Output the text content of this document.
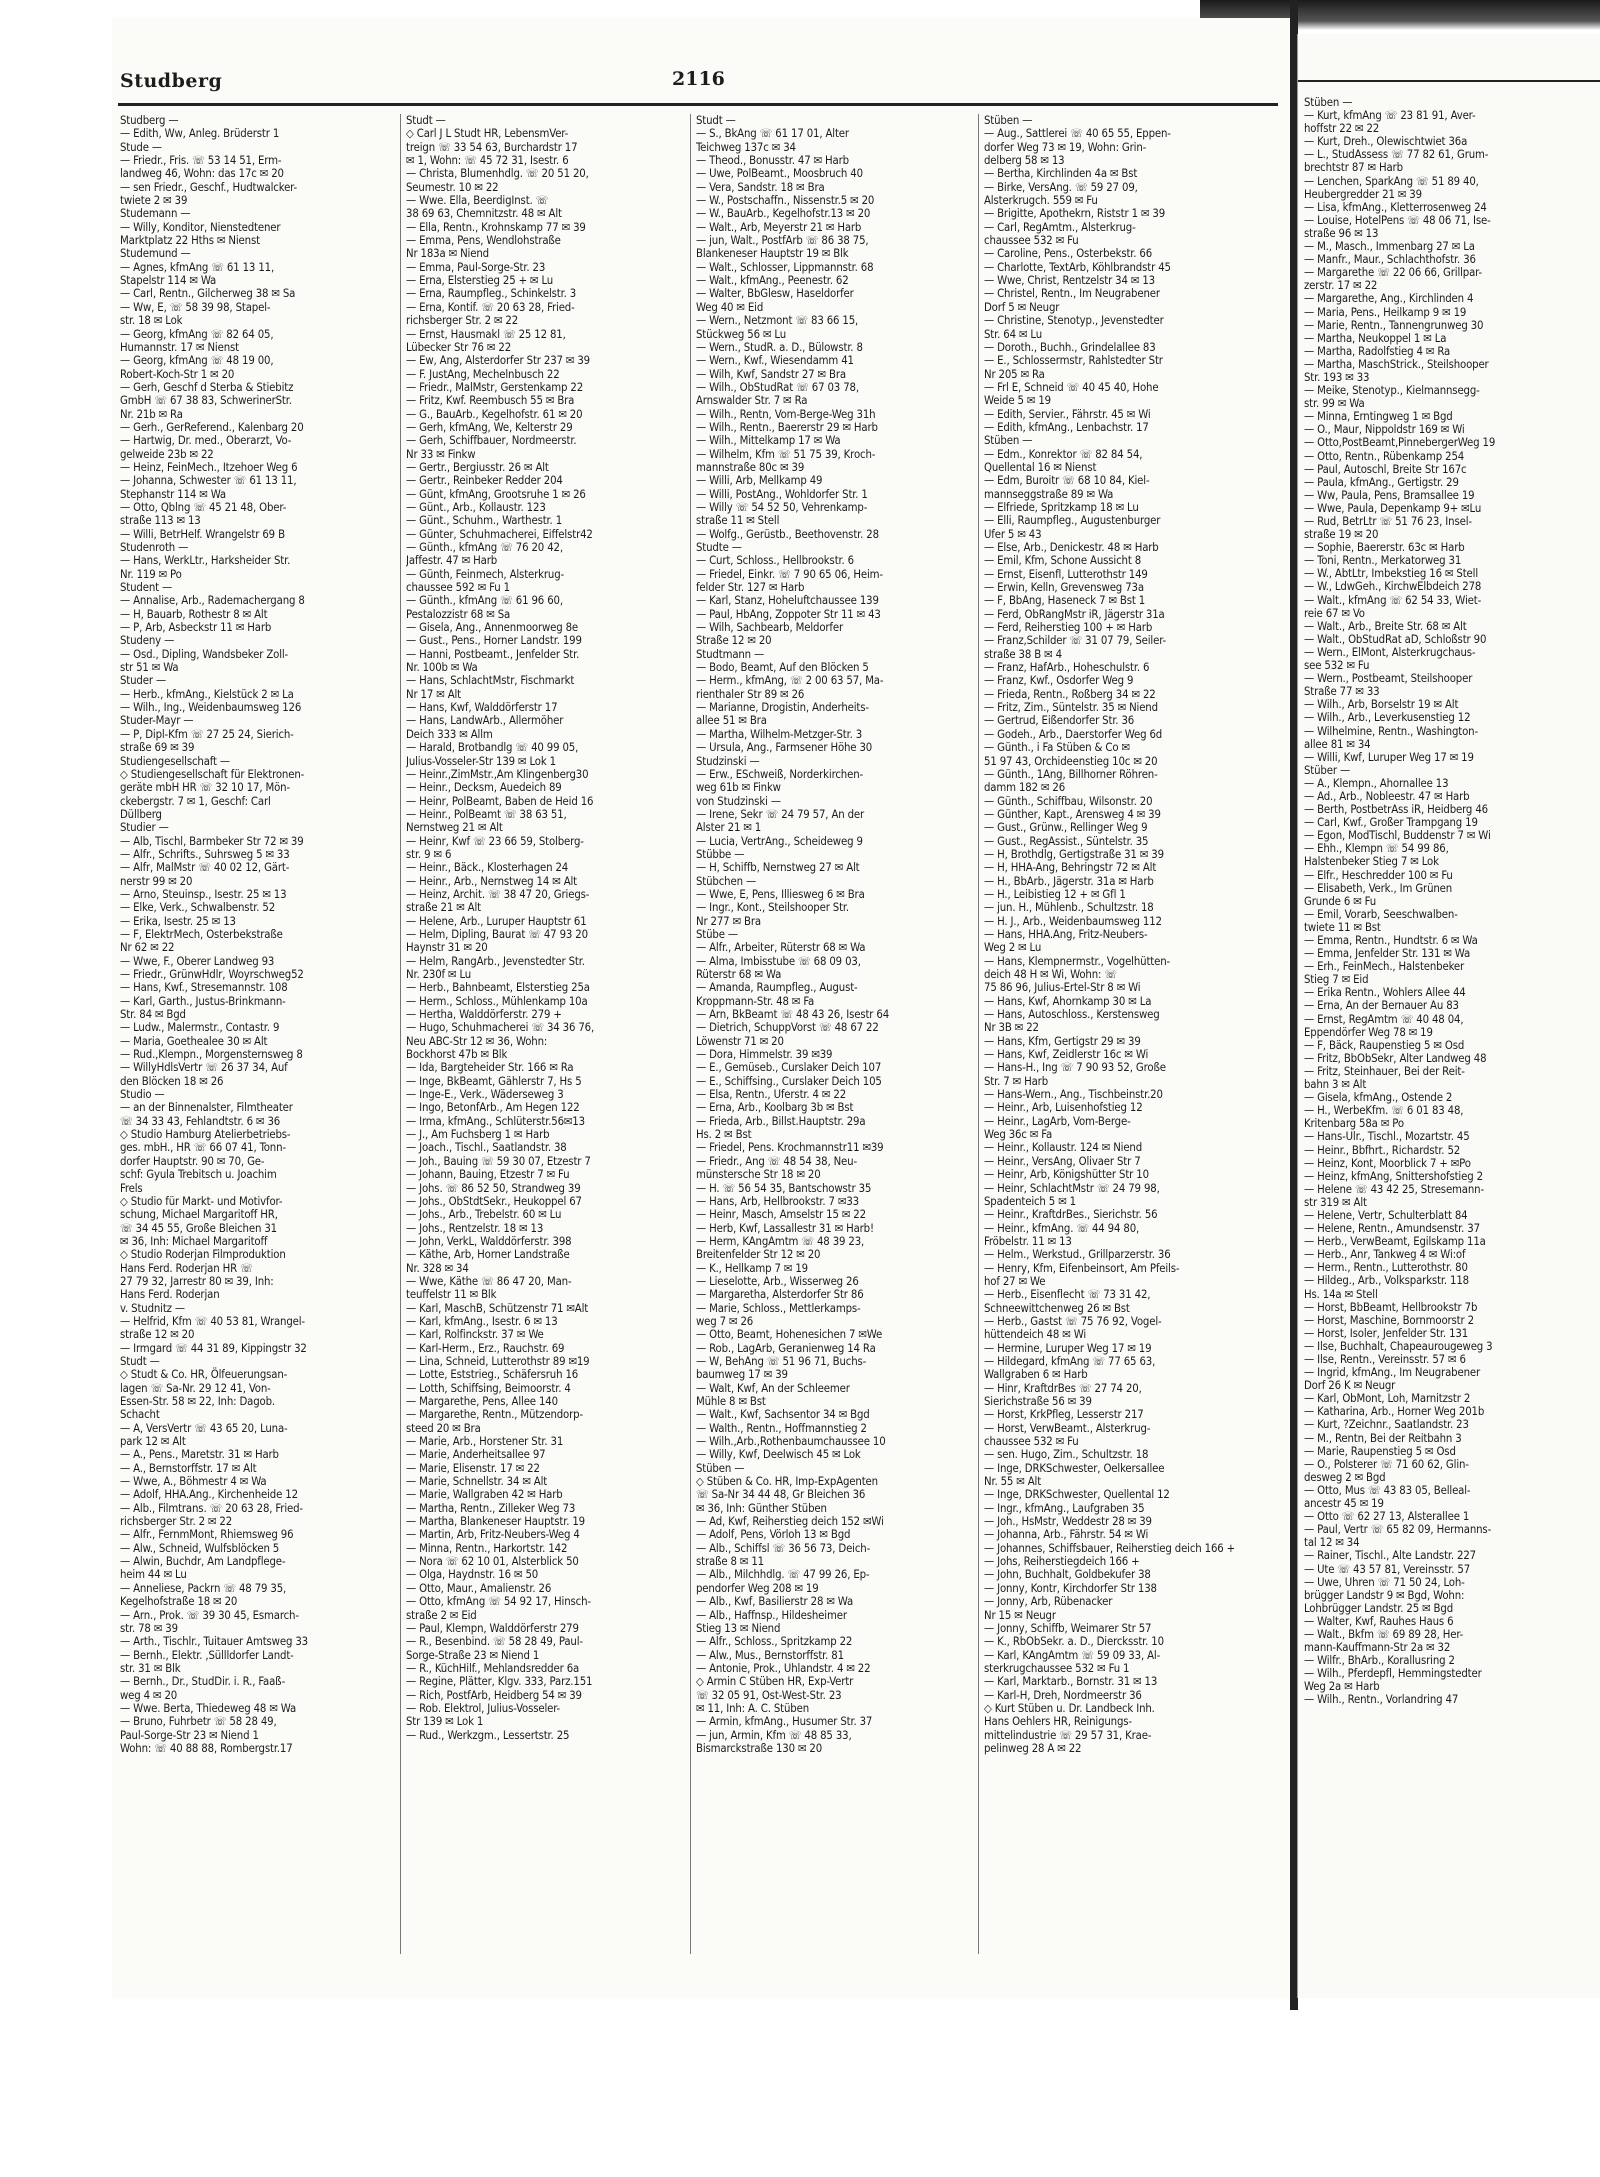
Studberg	2116
Studberg —
— Edith, Ww, Anleg. Brüderstr 1
Stude —
— Friedr., Fris. ☏ 53 14 51, Erm-
landweg 46, Wohn: das 17c ✉ 20
— sen Friedr., Geschf., Hudtwalcker-
twiete 2 ✉ 39
Studemann —
— Willy, Konditor, Nienstedtener
Marktplatz 22 Hths ✉ Nienst
Studemund —
— Agnes, kfmAng ☏ 61 13 11,
Stapelstr 114 ✉ Wa
— Carl, Rentn., Gilcherweg 38 ✉ Sa
— Ww, E, ☏ 58 39 98, Stapel-
str. 18 ✉ Lok
— Georg, kfmAng ☏ 82 64 05,
Humannstr. 17 ✉ Nienst
— Georg, kfmAng ☏ 48 19 00,
Robert-Koch-Str 1 ✉ 20
— Gerh, Geschf d Sterba & Stiebitz
GmbH ☏ 67 38 83, SchwerinerStr.
Nr. 21b ✉ Ra
— Gerh., GerReferend., Kalenbarg 20
— Hartwig, Dr. med., Oberarzt, Vo-
gelweide 23b ✉ 22
— Heinz, FeinMech., Itzehoer Weg 6
— Johanna, Schwester ☏ 61 13 11,
Stephanstr 114 ✉ Wa
— Otto, Qblng ☏ 45 21 48, Ober-
straße 113 ✉ 13
— Willi, BetrHelf. Wrangelstr 69 B
Studenroth —
— Hans, WerkLtr., Harksheider Str.
Nr. 119 ✉ Po
Student —
— Annalise, Arb., Rademachergang 8
— H, Bauarb, Rothestr 8 ✉ Alt
— P, Arb, Asbeckstr 11 ✉ Harb
Studeny —
— Osd., Dipling, Wandsbeker Zoll-
str 51 ✉ Wa
Studer —
— Herb., kfmAng., Kielstück 2 ✉ La
— Wilh., Ing., Weidenbaumsweg 126
Studer-Mayr —
— P, Dipl-Kfm ☏ 27 25 24, Sierich-
straße 69 ✉ 39
Studiengesellschaft —
◇ Studiengesellschaft für Elektronen-
geräte mbH HR ☏ 32 10 17, Mön-
ckebergstr. 7 ✉ 1, Geschf: Carl
Düllberg
Studier —
— Alb, Tischl, Barmbeker Str 72 ✉ 39
— Alfr., Schrifts., Suhrsweg 5 ✉ 33
— Alfr, MalMstr ☏ 40 02 12, Gärt-
nerstr 99 ✉ 20
— Arno, Steuinsp., Isestr. 25 ✉ 13
— Elke, Verk., Schwalbenstr. 52
— Erika, Isestr. 25 ✉ 13
— F, ElektrMech, Osterbekstraße
Nr 62 ✉ 22
— Wwe, F., Oberer Landweg 93
— Friedr., GrünwHdlr, Woyrschweg52
— Hans, Kwf., Stresemannstr. 108
— Karl, Garth., Justus-Brinkmann-
Str. 84 ✉ Bgd
— Ludw., Malermstr., Contastr. 9
— Maria, Goethealee 30 ✉ Alt
— Rud.,Klempn., Morgensternsweg 8
— WillyHdlsVertr ☏ 26 37 34, Auf
den Blöcken 18 ✉ 26
Studio —
— an der Binnenalster, Filmtheater
☏ 34 33 43, Fehlandtstr. 6 ✉ 36
◇ Studio Hamburg Atelierbetriebs-
ges. mbH., HR ☏ 66 07 41, Tonn-
dorfer Hauptstr. 90 ✉ 70, Ge-
schf: Gyula Trebitsch u. Joachim
Frels
◇ Studio für Markt- und Motivfor-
schung, Michael Margaritoff HR,
☏ 34 45 55, Große Bleichen 31
✉ 36, Inh: Michael Margaritoff
◇ Studio Roderjan Filmproduktion
Hans Ferd. Roderjan HR ☏
27 79 32, Jarrestr 80 ✉ 39, Inh:
Hans Ferd. Roderjan
v. Studnitz —
— Helfrid, Kfm ☏ 40 53 81, Wrangel-
straße 12 ✉ 20
— Irmgard ☏ 44 31 89, Kippingstr 32
Studt —
◇ Studt & Co. HR, Ölfeuerungsan-
lagen ☏ Sa-Nr. 29 12 41, Von-
Essen-Str. 58 ✉ 22, Inh: Dagob.
Schacht
— A, VersVertr ☏ 43 65 20, Luna-
park 12 ✉ Alt
— A., Pens., Maretstr. 31 ✉ Harb
— A., Bernstorffstr. 17 ✉ Alt
— Wwe, A., Böhmestr 4 ✉ Wa
— Adolf, HHA.Ang., Kirchenheide 12
— Alb., Filmtrans. ☏ 20 63 28, Fried-
richsberger Str. 2 ✉ 22
— Alfr., FernmMont, Rhiemsweg 96
— Alw., Schneid, Wulfsblöcken 5
— Alwin, Buchdr, Am Landpflege-
heim 44 ✉ Lu
— Anneliese, Packrn ☏ 48 79 35,
Kegelhofstraße 18 ✉ 20
— Arn., Prok. ☏ 39 30 45, Esmarch-
str. 78 ✉ 39
— Arth., Tischlr., Tuitauer Amtsweg 33
— Bernh., Elektr. ,Süllldorfer Landt-
str. 31 ✉ Blk
— Bernh., Dr., StudDir. i. R., Faaß-
weg 4 ✉ 20
— Wwe. Berta, Thiedeweg 48 ✉ Wa
— Bruno, Fuhrbetr ☏ 58 28 49,
Paul-Sorge-Str 23 ✉ Niend 1
Wohn: ☏ 40 88 88, Rombergstr.17
Studt —
◇ Carl J L Studt HR, LebensmVer-
treign ☏ 33 54 63, Burchardstr 17
✉ 1, Wohn: ☏ 45 72 31, Isestr. 6
— Christa, Blumenhdlg. ☏ 20 51 20,
Seumestr. 10 ✉ 22
— Wwe. Ella, BeerdigInst. ☏
38 69 63, Chemnitzstr. 48 ✉ Alt
— Ella, Rentn., Krohnskamp 77 ✉ 39
— Emma, Pens, Wendlohstraße
Nr 183a ✉ Niend
— Emma, Paul-Sorge-Str. 23
— Erna, Elsterstieg 25 + ✉ Lu
— Erna, Raumpfleg., Schinkelstr. 3
— Erna, Kontif. ☏ 20 63 28, Fried-
richsberger Str. 2 ✉ 22
— Ernst, Hausmakl ☏ 25 12 81,
Lübecker Str 76 ✉ 22
— Ew, Ang, Alsterdorfer Str 237 ✉ 39
— F. JustAng, Mechelnbusch 22
— Friedr., MalMstr, Gerstenkamp 22
— Fritz, Kwf. Reembusch 55 ✉ Bra
— G., BauArb., Kegelhofstr. 61 ✉ 20
— Gerh, kfmAng, We, Kelterstr 29
— Gerh, Schiffbauer, Nordmeerstr.
Nr 33 ✉ Finkw
— Gertr., Bergiusstr. 26 ✉ Alt
— Gertr., Reinbeker Redder 204
— Günt, kfmAng, Grootsruhe 1 ✉ 26
— Günt., Arb., Kollaustr. 123
— Günt., Schuhm., Warthestr. 1
— Günter, Schuhmacherei, Eiffelstr42
— Günth., kfmAng ☏ 76 20 42,
Jaffestr. 47 ✉ Harb
— Günth, Feinmech, Alsterkrug-
chaussee 592 ✉ Fu 1
— Günth., kfmAng ☏ 61 96 60,
Pestalozzistr 68 ✉ Sa
— Gisela, Ang., Annenmoorweg 8e
— Gust., Pens., Horner Landstr. 199
— Hanni, Postbeamt., Jenfelder Str.
Nr. 100b ✉ Wa
— Hans, SchlachtMstr, Fischmarkt
Nr 17 ✉ Alt
— Hans, Kwf, Walddörferstr 17
— Hans, LandwArb., Allermöher
Deich 333 ✉ Allm
— Harald, Brotbandlg ☏ 40 99 05,
Julius-Vosseler-Str 139 ✉ Lok 1
— Heinr.,ZimMstr.,Am Klingenberg30
— Heinr., Decksm, Auedeich 89
— Heinr, PolBeamt, Baben de Heid 16
— Heinr., PolBeamt ☏ 38 63 51,
Nernstweg 21 ✉ Alt
— Heinr, Kwf ☏ 23 66 59, Stolberg-
str. 9 ✉ 6
— Heinr., Bäck., Klosterhagen 24
— Heinr., Arb., Nernstweg 14 ✉ Alt
— Heinz, Archit. ☏ 38 47 20, Griegs-
straße 21 ✉ Alt
— Helene, Arb., Luruper Hauptstr 61
— Helm, Dipling, Baurat ☏ 47 93 20
Haynstr 31 ✉ 20
— Helm, RangArb., Jevenstedter Str.
Nr. 230f ✉ Lu
— Herb., Bahnbeamt, Elsterstieg 25a
— Herm., Schloss., Mühlenkamp 10a
— Hertha, Walddörferstr. 279 +
— Hugo, Schuhmacherei ☏ 34 36 76,
Neu ABC-Str 12 ✉ 36, Wohn:
Bockhorst 47b ✉ Blk
— Ida, Bargteheider Str. 166 ✉ Ra
— Inge, BkBeamt, Gählerstr 7, Hs 5
— Inge-E., Verk., Wäderseweg 3
— Ingo, BetonfArb., Am Hegen 122
— Irma, kfmAng., Schlüterstr.56✉13
— J., Am Fuchsberg 1 ✉ Harb
— Joach., Tischl., Saatlandstr. 38
— Joh., Bauing ☏ 59 30 07, Etzestr 7
— Johann, Bauing, Etzestr 7 ✉ Fu
— Johs. ☏ 86 52 50, Strandweg 39
— Johs., ObStdtSekr., Heukoppel 67
— Johs., Arb., Trebelstr. 60 ✉ Lu
— Johs., Rentzelstr. 18 ✉ 13
— John, VerkL, Walddörferstr. 398
— Käthe, Arb, Horner Landstraße
Nr. 328 ✉ 34
— Wwe, Käthe ☏ 86 47 20, Man-
teuffelstr 11 ✉ Blk
— Karl, MaschB, Schützenstr 71 ✉Alt
— Karl, kfmAng., Isestr. 6 ✉ 13
— Karl, Rolfinckstr. 37 ✉ We
— Karl-Herm., Erz., Rauchstr. 69
— Lina, Schneid, Lutterothstr 89 ✉19
— Lotte, Eststrieg., Schäfersruh 16
— Lotth, Schiffsing, Beimoorstr. 4
— Margarethe, Pens, Allee 140
— Margarethe, Rentn., Mützendorp-
steed 20 ✉ Bra
— Marie, Arb., Horstener Str. 31
— Marie, Anderheitsallee 97
— Marie, Elisenstr. 17 ✉ 22
— Marie, Schnellstr. 34 ✉ Alt
— Marie, Wallgraben 42 ✉ Harb
— Martha, Rentn., Zilleker Weg 73
— Martha, Blankeneser Hauptstr. 19
— Martin, Arb, Fritz-Neubers-Weg 4
— Minna, Rentn., Harkortstr. 142
— Nora ☏ 62 10 01, Alsterblick 50
— Olga, Haydnstr. 16 ✉ 50
— Otto, Maur., Amalienstr. 26
— Otto, kfmAng ☏ 54 92 17, Hinsch-
straße 2 ✉ Eid
— Paul, Klempn, Walddörferstr 279
— R., Besenbind. ☏ 58 28 49, Paul-
Sorge-Straße 23 ✉ Niend 1
— R., KüchHilf., Mehlandsredder 6a
— Regine, Plätter, Klgv. 333, Parz.151
— Rich, PostfArb, Heidberg 54 ✉ 39
— Rob. Elektrol, Julius-Vosseler-
Str 139 ✉ Lok 1
— Rud., Werkzgm., Lessertstr. 25
Studt —
— S., BkAng ☏ 61 17 01, Alter
Teichweg 137c ✉ 34
— Theod., Bonusstr. 47 ✉ Harb
— Uwe, PolBeamt., Moosbruch 40
— Vera, Sandstr. 18 ✉ Bra
— W., Postschaffn., Nissenstr.5 ✉ 20
— W., BauArb., Kegelhofstr.13 ✉ 20
— Walt., Arb, Meyerstr 21 ✉ Harb
— jun, Walt., PostfArb ☏ 86 38 75,
Blankeneser Hauptstr 19 ✉ Blk
— Walt., Schlosser, Lippmannstr. 68
— Walt., kfmAng., Peenestr. 62
— Walter, BbGlesw, Haseldorfer
Weg 40 ✉ Eid
— Wern., Netzmont ☏ 83 66 15,
Stückweg 56 ✉ Lu
— Wern., StudR. a. D., Bülowstr. 8
— Wern., Kwf., Wiesendamm 41
— Wilh, Kwf, Sandstr 27 ✉ Bra
— Wilh., ObStudRat ☏ 67 03 78,
Arnswalder Str. 7 ✉ Ra
— Wilh., Rentn, Vom-Berge-Weg 31h
— Wilh., Rentn., Baererstr 29 ✉ Harb
— Wilh., Mittelkamp 17 ✉ Wa
— Wilhelm, Kfm ☏ 51 75 39, Kroch-
mannstraße 80c ✉ 39
— Willi, Arb, Mellkamp 49
— Willi, PostAng., Wohldorfer Str. 1
— Willy ☏ 54 52 50, Vehrenkamp-
straße 11 ✉ Stell
— Wolfg., Gerüstb., Beethovenstr. 28
Studte —
— Curt, Schloss., Hellbrookstr. 6
— Friedel, Einkr. ☏ 7 90 65 06, Heim-
felder Str. 127 ✉ Harb
— Karl, Stanz, Hoheluftchaussee 139
— Paul, HbAng, Zoppoter Str 11 ✉ 43
— Wilh, Sachbearb, Meldorfer
Straße 12 ✉ 20
Studtmann —
— Bodo, Beamt, Auf den Blöcken 5
— Herm., kfmAng, ☏ 2 00 63 57, Ma-
rienthaler Str 89 ✉ 26
— Marianne, Drogistin, Anderheits-
allee 51 ✉ Bra
— Martha, Wilhelm-Metzger-Str. 3
— Ursula, Ang., Farmsener Höhe 30
Studzinski —
— Erw., ESchweiß, Norderkirchen-
weg 61b ✉ Finkw
von Studzinski —
— Irene, Sekr ☏ 24 79 57, An der
Alster 21 ✉ 1
— Lucia, VertrAng., Scheideweg 9
Stübbe —
— H, Schiffb, Nernstweg 27 ✉ Alt
Stübchen —
— Wwe, E, Pens, Illiesweg 6 ✉ Bra
— Ingr., Kont., Steilshooper Str.
Nr 277 ✉ Bra
Stübe —
— Alfr., Arbeiter, Rüterstr 68 ✉ Wa
— Alma, Imbisstube ☏ 68 09 03,
Rüterstr 68 ✉ Wa
— Amanda, Raumpfleg., August-
Kroppmann-Str. 48 ✉ Fa
— Arn, BkBeamt ☏ 48 43 26, Isestr 64
— Dietrich, SchuppVorst ☏ 48 67 22
Löwenstr 71 ✉ 20
— Dora, Himmelstr. 39 ✉39
— E., Gemüseb., Curslaker Deich 107
— E., Schiffsing., Curslaker Deich 105
— Elsa, Rentn., Uferstr. 4 ✉ 22
— Erna, Arb., Koolbarg 3b ✉ Bst
— Frieda, Arb., Billst.Hauptstr. 29a
Hs. 2 ✉ Bst
— Friedel, Pens. Krochmannstr11 ✉39
— Friedr., Ang ☏ 48 54 38, Neu-
münstersche Str 18 ✉ 20
— H. ☏ 56 54 35, Bantschowstr 35
— Hans, Arb, Hellbrookstr. 7 ✉33
— Heinr, Masch, Amselstr 15 ✉ 22
— Herb, Kwf, Lassallestr 31 ✉ Harb!
— Herm, KAngAmtm ☏ 48 39 23,
Breitenfelder Str 12 ✉ 20
— K., Hellkamp 7 ✉ 19
— Lieselotte, Arb., Wisserweg 26
— Margaretha, Alsterdorfer Str 86
— Marie, Schloss., Mettlerkamps-
weg 7 ✉ 26
— Otto, Beamt, Hohenesichen 7 ✉We
— Rob., LagArb, Geranienweg 14 Ra
— W, BehAng ☏ 51 96 71, Buchs-
baumweg 17 ✉ 39
— Walt, Kwf, An der Schleemer
Mühle 8 ✉ Bst
— Walt., Kwf, Sachsentor 34 ✉ Bgd
— Walth., Rentn., Hoffmannstieg 2
— Wilh.,Arb.,Rothenbaumchaussee 10
— Willy, Kwf, Deelwisch 45 ✉ Lok
Stüben —
◇ Stüben & Co. HR, Imp-ExpAgenten
☏ Sa-Nr 34 44 48, Gr Bleichen 36
✉ 36, Inh: Günther Stüben
— Ad, Kwf, Reiherstieg deich 152 ✉Wi
— Adolf, Pens, Vörloh 13 ✉ Bgd
— Alb., Schiffsl ☏ 36 56 73, Deich-
straße 8 ✉ 11
— Alb., Milchhdlg. ☏ 47 99 26, Ep-
pendorfer Weg 208 ✉ 19
— Alb., Kwf, Basilierstr 28 ✉ Wa
— Alb., Haffnsp., Hildesheimer
Stieg 13 ✉ Niend
— Alfr., Schloss., Spritzkamp 22
— Alw., Mus., Bernstorffstr. 81
— Antonie, Prok., Uhlandstr. 4 ✉ 22
◇ Armin C Stüben HR, Exp-Vertr
☏ 32 05 91, Ost-West-Str. 23
✉ 11, Inh: A. C. Stüben
— Armin, kfmAng., Husumer Str. 37
— jun, Armin, Kfm ☏ 48 85 33,
Bismarckstraße 130 ✉ 20
Stüben —
— Aug., Sattlerei ☏ 40 65 55, Eppen-
dorfer Weg 73 ✉ 19, Wohn: Grin-
delberg 58 ✉ 13
— Bertha, Kirchlinden 4a ✉ Bst
— Birke, VersAng. ☏ 59 27 09,
Alsterkrugch. 559 ✉ Fu
— Brigitte, Apothekrn, Riststr 1 ✉ 39
— Carl, RegAmtm., Alsterkrug-
chaussee 532 ✉ Fu
— Caroline, Pens., Osterbekstr. 66
— Charlotte, TextArb, Köhlbrandstr 45
— Wwe, Christ, Rentzelstr 34 ✉ 13
— Christel, Rentn., Im Neugrabener
Dorf 5 ✉ Neugr
— Christine, Stenotyp., Jevenstedter
Str. 64 ✉ Lu
— Doroth., Buchh., Grindelallee 83
— E., Schlossermstr, Rahlstedter Str
Nr 205 ✉ Ra
— Frl E, Schneid ☏ 40 45 40, Hohe
Weide 5 ✉ 19
— Edith, Servier., Fährstr. 45 ✉ Wi
— Edith, kfmAng., Lenbachstr. 17
Stüben —
— Edm., Konrektor ☏ 82 84 54,
Quellental 16 ✉ Nienst
— Edm, Buroitr ☏ 68 10 84, Kiel-
mannseggstraße 89 ✉ Wa
— Elfriede, Spritzkamp 18 ✉ Lu
— Elli, Raumpfleg., Augustenburger
Ufer 5 ✉ 43
— Else, Arb., Denickestr. 48 ✉ Harb
— Emil, Kfm, Schone Aussicht 8
— Ernst, Eisenfl, Lutterothstr 149
— Erwin, Kelln, Grevensweg 73a
— F, BbAng, Haseneck 7 ✉ Bst 1
— Ferd, ObRangMstr iR, Jägerstr 31a
— Ferd, Reiherstieg 100 + ✉ Harb
— Franz,Schilder ☏ 31 07 79, Seiler-
straße 38 B ✉ 4
— Franz, HafArb., Hoheschulstr. 6
— Franz, Kwf., Osdorfer Weg 9
— Frieda, Rentn., Roßberg 34 ✉ 22
— Fritz, Zim., Süntelstr. 35 ✉ Niend
— Gertrud, Eißendorfer Str. 36
— Godeh., Arb., Daerstorfer Weg 6d
— Günth., i Fa Stüben & Co ✉
51 97 43, Orchideenstieg 10c ✉ 20
— Günth., 1Ang, Billhorner Röhren-
damm 182 ✉ 26
— Günth., Schiffbau, Wilsonstr. 20
— Günther, Kapt., Arensweg 4 ✉ 39
— Gust., Grünw., Rellinger Weg 9
— Gust., RegAssist., Süntelstr. 35
— H, Brothdlg, Gertigstraße 31 ✉ 39
— H, HHA-Ang, Behringstr 72 ✉ Alt
— H., BbArb., Jägerstr. 31a ✉ Harb
— H., Leibistieg 12 + ✉ Gfl 1
— jun. H., Mühlenb., Schultzstr. 18
— H. J., Arb., Weidenbaumsweg 112
— Hans, HHA.Ang, Fritz-Neubers-
Weg 2 ✉ Lu
— Hans, Klempnermstr., Vogelhütten-
deich 48 H ✉ Wi, Wohn: ☏
75 86 96, Julius-Ertel-Str 8 ✉ Wi
— Hans, Kwf, Ahornkamp 30 ✉ La
— Hans, Autoschloss., Kerstensweg
Nr 3B ✉ 22
— Hans, Kfm, Gertigstr 29 ✉ 39
— Hans, Kwf, Zeidlerstr 16c ✉ Wi
— Hans-H., Ing ☏ 7 90 93 52, Große
Str. 7 ✉ Harb
— Hans-Wern., Ang., Tischbeinstr.20
— Heinr., Arb, Luisenhofstieg 12
— Heinr., LagArb, Vom-Berge-
Weg 36c ✉ Fa
— Heinr., Kollaustr. 124 ✉ Niend
— Heinr., VersAng, Olivaer Str 7
— Heinr, Arb, Königshütter Str 10
— Heinr, SchlachtMstr ☏ 24 79 98,
Spadenteich 5 ✉ 1
— Heinr., KraftdrBes., Sierichstr. 56
— Heinr., kfmAng. ☏ 44 94 80,
Fröbelstr. 11 ✉ 13
— Helm., Werkstud., Grillparzerstr. 36
— Henry, Kfm, Eifenbeinsort, Am Pfeils-
hof 27 ✉ We
— Herb., Eisenflecht ☏ 73 31 42,
Schneewittchenweg 26 ✉ Bst
— Herb., Gastst ☏ 75 76 92, Vogel-
hüttendeich 48 ✉ Wi
— Hermine, Luruper Weg 17 ✉ 19
— Hildegard, kfmAng ☏ 77 65 63,
Wallgraben 6 ✉ Harb
— Hinr, KraftdrBes ☏ 27 74 20,
Sierichstraße 56 ✉ 39
— Horst, KrkPfleg, Lesserstr 217
— Horst, VerwBeamt., Alsterkrug-
chaussee 532 ✉ Fu
— sen. Hugo, Zim., Schultzstr. 18
— Inge, DRKSchwester, Oelkersallee
Nr. 55 ✉ Alt
— Inge, DRKSchwester, Quellental 12
— Ingr., kfmAng., Laufgraben 35
— Joh., HsMstr, Weddestr 28 ✉ 39
— Johanna, Arb., Fährstr. 54 ✉ Wi
— Johannes, Schiffsbauer, Reiherstieg deich 166 +
— Johs, Reiherstiegdeich 166 +
— John, Buchhalt, Goldbekufer 38
— Jonny, Kontr, Kirchdorfer Str 138
— Jonny, Arb, Rübenacker
Nr 15 ✉ Neugr
— Jonny, Schiffb, Weimarer Str 57
— K., RbObSekr. a. D., Diercksstr. 10
— Karl, KAngAmtm ☏ 59 09 33, Al-
sterkrugchaussee 532 ✉ Fu 1
— Karl, Marktarb., Bornstr. 31 ✉ 13
— Karl-H, Dreh, Nordmeerstr 36
◇ Kurt Stüben u. Dr. Landbeck Inh.
Hans Oehlers HR, Reinigungs-
mittelindustrie ☏ 29 57 31, Krae-
pelinweg 28 A ✉ 22
Stüben —
— Kurt, kfmAng ☏ 23 81 91, Aver-
hoffstr 22 ✉ 22
— Kurt, Dreh., Olewischtwiet 36a
— L., StudAssess ☏ 77 82 61, Grum-
brechtstr 87 ✉ Harb
— Lenchen, SparkAng ☏ 51 89 40,
Heubergredder 21 ✉ 39
— Lisa, kfmAng., Kletterrosenweg 24
— Louise, HotelPens ☏ 48 06 71, Ise-
straße 96 ✉ 13
— M., Masch., Immenbarg 27 ✉ La
— Manfr., Maur., Schlachthofstr. 36
— Margarethe ☏ 22 06 66, Grillpar-
zerstr. 17 ✉ 22
— Margarethe, Ang., Kirchlinden 4
— Maria, Pens., Heilkamp 9 ✉ 19
— Marie, Rentn., Tannengrunweg 30
— Martha, Neukoppel 1 ✉ La
— Martha, Radolfstieg 4 ✉ Ra
— Martha, MaschStrick., Steilshooper
Str. 193 ✉ 33
— Meike, Stenotyp., Kielmannsegg-
str. 99 ✉ Wa
— Minna, Erntingweg 1 ✉ Bgd
— O., Maur, Nippoldstr 169 ✉ Wi
— Otto,PostBeamt,PinnebergerWeg 19
— Otto, Rentn., Rübenkamp 254
— Paul, Autoschl, Breite Str 167c
— Paula, kfmAng., Gertigstr. 29
— Ww, Paula, Pens, Bramsallee 19
— Wwe, Paula, Depenkamp 9+ ✉Lu
— Rud, BetrLtr ☏ 51 76 23, Insel-
straße 19 ✉ 20
— Sophie, Baererstr. 63c ✉ Harb
— Toni, Rentn., Merkatorweg 31
— W., AbtLtr, Imbekstieg 16 ✉ Stell
— W., LdwGeh., KirchwElbdeich 278
— Walt., kfmAng ☏ 62 54 33, Wiet-
reie 67 ✉ Vo
— Walt., Arb., Breite Str. 68 ✉ Alt
— Walt., ObStudRat aD, Schloßstr 90
— Wern., ElMont, Alsterkrugchaus-
see 532 ✉ Fu
— Wern., Postbeamt, Steilshooper
Straße 77 ✉ 33
— Wilh., Arb, Borselstr 19 ✉ Alt
— Wilh., Arb., Leverkusenstieg 12
— Wilhelmine, Rentn., Washington-
allee 81 ✉ 34
— Willi, Kwf, Luruper Weg 17 ✉ 19
Stüber —
— A., Klempn., Ahornallee 13
— Ad., Arb., Nobleestr. 47 ✉ Harb
— Berth, PostbetrAss iR, Heidberg 46
— Carl, Kwf., Großer Trampgang 19
— Egon, ModTischl, Buddenstr 7 ✉ Wi
— Ehh., Klempn ☏ 54 99 86,
Halstenbeker Stieg 7 ✉ Lok
— Elfr., Heschredder 100 ✉ Fu
— Elisabeth, Verk., Im Grünen
Grunde 6 ✉ Fu
— Emil, Vorarb, Seeschwalben-
twiete 11 ✉ Bst
— Emma, Rentn., Hundtstr. 6 ✉ Wa
— Emma, Jenfelder Str. 131 ✉ Wa
— Erh., FeinMech., Halstenbeker
Stieg 7 ✉ Eid
— Erika Rentn., Wohlers Allee 44
— Erna, An der Bernauer Au 83
— Ernst, RegAmtm ☏ 40 48 04,
Eppendörfer Weg 78 ✉ 19
— F, Bäck, Raupenstieg 5 ✉ Osd
— Fritz, BbObSekr, Alter Landweg 48
— Fritz, Steinhauer, Bei der Reit-
bahn 3 ✉ Alt
— Gisela, kfmAng., Ostende 2
— H., WerbeKfm. ☏ 6 01 83 48,
Kritenbarg 58a ✉ Po
— Hans-Ulr., Tischl., Mozartstr. 45
— Heinr., Bbfhrt., Richardstr. 52
— Heinz, Kont, Moorblick 7 + ✉Po
— Heinz, kfmAng, Snittershofstieg 2
— Helene ☏ 43 42 25, Stresemann-
str 319 ✉ Alt
— Helene, Vertr, Schulterblatt 84
— Helene, Rentn., Amundsenstr. 37
— Herb., VerwBeamt, Egilskamp 11a
— Herb., Anr, Tankweg 4 ✉ Wi:of
— Herm., Rentn., Lutterothstr. 80
— Hildeg., Arb., Volksparkstr. 118
Hs. 14a ✉ Stell
— Horst, BbBeamt, Hellbrookstr 7b
— Horst, Maschine, Bornmoorstr 2
— Horst, Isoler, Jenfelder Str. 131
— Ilse, Buchhalt, Chapeaurougeweg 3
— Ilse, Rentn., Vereinsstr. 57 ✉ 6
— Ingrid, kfmAng., Im Neugrabener
Dorf 26 K ✉ Neugr
— Karl, ObMont, Loh, Marnitzstr 2
— Katharina, Arb., Horner Weg 201b
— Kurt, ?Zeichnr., Saatlandstr. 23
— M., Rentn, Bei der Reitbahn 3
— Marie, Raupenstieg 5 ✉ Osd
— O., Polsterer ☏ 71 60 62, Glin-
desweg 2 ✉ Bgd
— Otto, Mus ☏ 43 83 05, Belleal-
ancestr 45 ✉ 19
— Otto ☏ 62 27 13, Alsterallee 1
— Paul, Vertr ☏ 65 82 09, Hermanns-
tal 12 ✉ 34
— Rainer, Tischl., Alte Landstr. 227
— Ute ☏ 43 57 81, Vereinsstr. 57
— Uwe, Uhren ☏ 71 50 24, Loh-
brügger Landstr 9 ✉ Bgd, Wohn:
Lohbrügger Landstr. 25 ✉ Bgd
— Walter, Kwf, Rauhes Haus 6
— Walt., Bkfm ☏ 69 89 28, Her-
mann-Kauffmann-Str 2a ✉ 32
— Wilfr., BhArb., Korallusring 2
— Wilh., Pferdepfl, Hemmingstedter
Weg 2a ✉ Harb
— Wilh., Rentn., Vorlandring 47
